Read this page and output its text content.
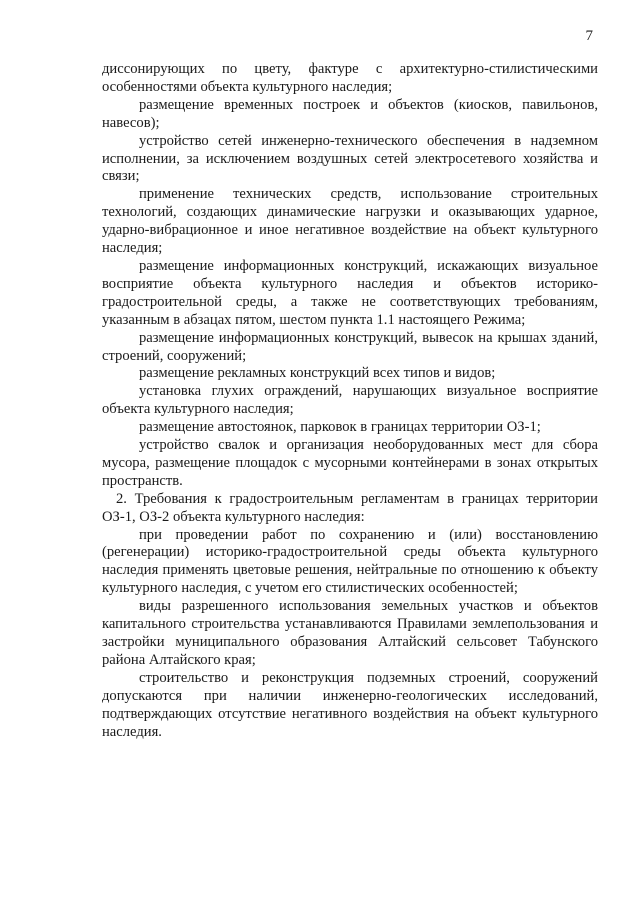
7

диссонирующих по цвету, фактуре с архитектурно-стилистическими особенностями объекта культурного наследия;

размещение временных построек и объектов (киосков, павильонов, навесов);

устройство сетей инженерно-технического обеспечения в надземном исполнении, за исключением воздушных сетей электросетевого хозяйства и связи;

применение технических средств, использование строительных технологий, создающих динамические нагрузки и оказывающих ударное, ударно-вибрационное и иное негативное воздействие на объект культурного наследия;

размещение информационных конструкций, искажающих визуальное восприятие объекта культурного наследия и объектов историко-градостроительной среды, а также не соответствующих требованиям, указанным в абзацах пятом, шестом пункта 1.1 настоящего Режима;

размещение информационных конструкций, вывесок на крышах зданий, строений, сооружений;

размещение рекламных конструкций всех типов и видов;

установка глухих ограждений, нарушающих визуальное восприятие объекта культурного наследия;

размещение автостоянок, парковок в границах территории ОЗ-1;

устройство свалок и организация необорудованных мест для сбора мусора, размещение площадок с мусорными контейнерами в зонах открытых пространств.

2. Требования к градостроительным регламентам в границах территории ОЗ-1, ОЗ-2 объекта культурного наследия:

при проведении работ по сохранению и (или) восстановлению (регенерации) историко-градостроительной среды объекта культурного наследия применять цветовые решения, нейтральные по отношению к объекту культурного наследия, с учетом его стилистических особенностей;

виды разрешенного использования земельных участков и объектов капитального строительства устанавливаются Правилами землепользования и застройки муниципального образования Алтайский сельсовет Табунского района Алтайского края;

строительство и реконструкция подземных строений, сооружений допускаются при наличии инженерно-геологических исследований, подтверждающих отсутствие негативного воздействия на объект культурного наследия.
